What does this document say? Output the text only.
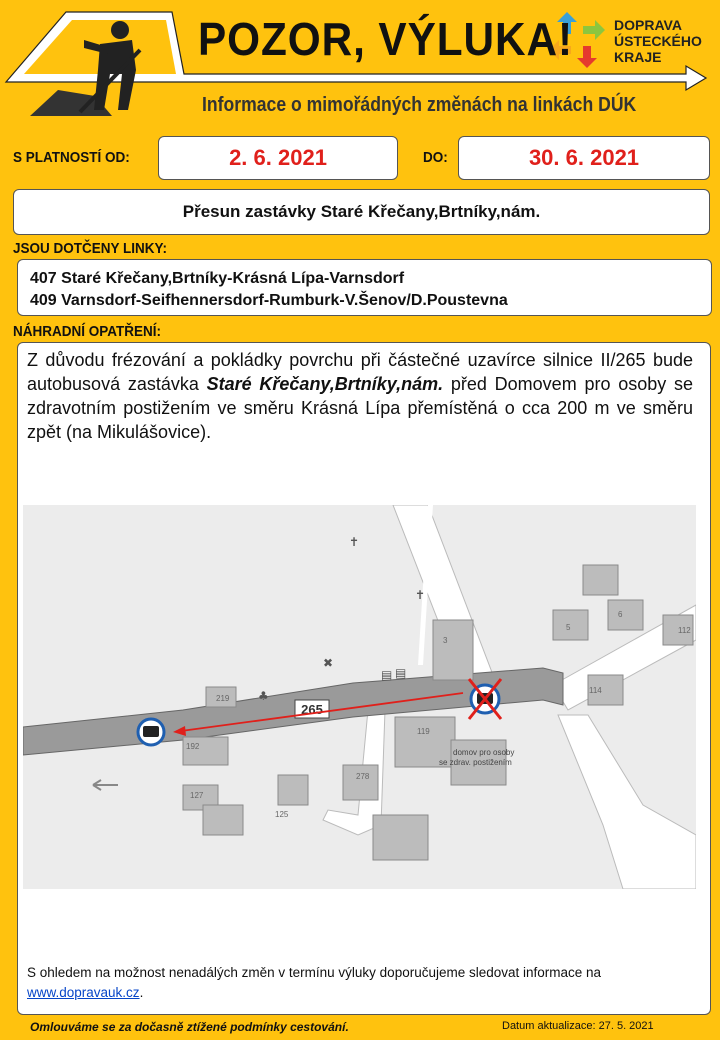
POZOR, VÝLUKA!
Informace o mimořádných změnách na linkách DÚK
DOPRAVA
ÚSTECKÉHO
KRAJE
S PLATNOSTÍ OD:	2. 6. 2021	DO:	30. 6. 2021
Přesun zastávky Staré Křečany,Brtníky,nám.
JSOU DOTČENY LINKY:
407 Staré Křečany,Brtníky-Krásná Lípa-Varnsdorf
409 Varnsdorf-Seifhennersdorf-Rumburk-V.Šenov/D.Poustevna
NÁHRADNÍ OPATŘENÍ:
Z důvodu frézování a pokládky povrchu při částečné uzavírce silnice II/265 bude autobusová zastávka Staré Křečany,Brtníky,nám. před Domovem pro osoby se zdravotním postižením ve směru Krásná Lípa přemístěná o cca 200 m ve směru zpět (na Mikulášovice).
✝
✝
✖
♣
▤ ▤
219
192
127
125
278
119
3
5
6
112
114
domov pro osoby
se zdrav. postižením
265
S ohledem na možnost nenadálých změn v termínu výluky doporučujeme sledovat informace na www.dopravauk.cz.
Omlouváme se za dočasně ztížené podmínky cestování.	Datum aktualizace: 27. 5. 2021
